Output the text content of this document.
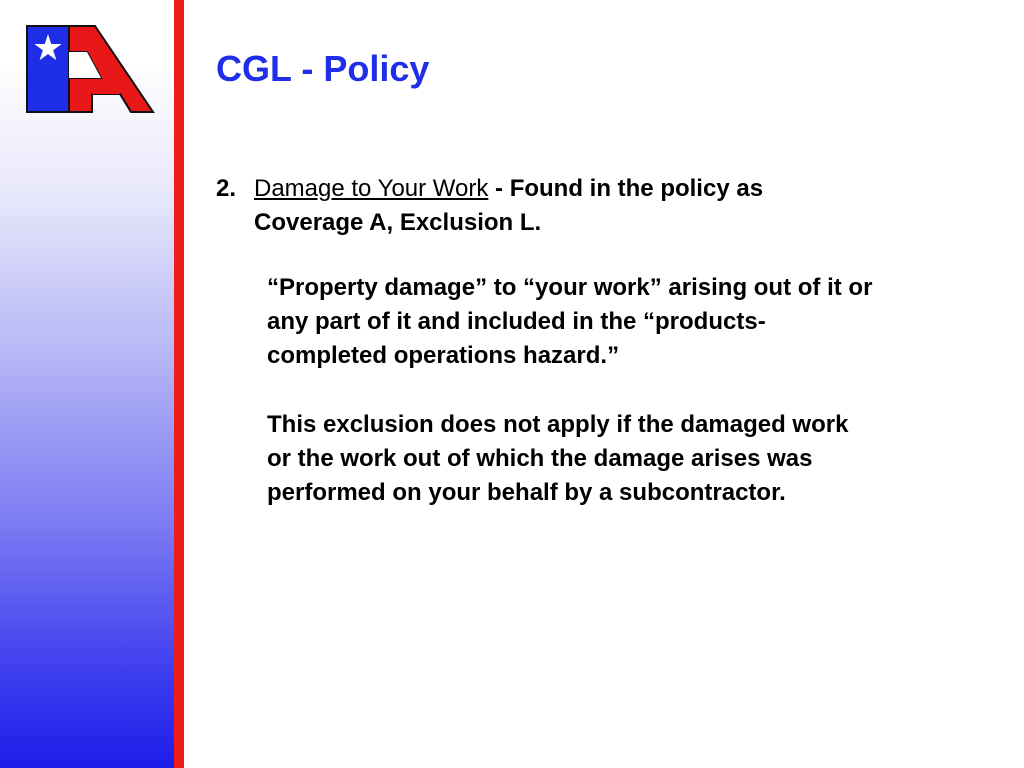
CGL - Policy
2. Damage to Your Work - Found in the policy as
Coverage A, Exclusion L.

“Property damage” to “your work” arising out of it or
any part of it and included in the “products-
completed operations hazard.”

This exclusion does not apply if the damaged work
or the work out of which the damage arises was
performed on your behalf by a subcontractor.
